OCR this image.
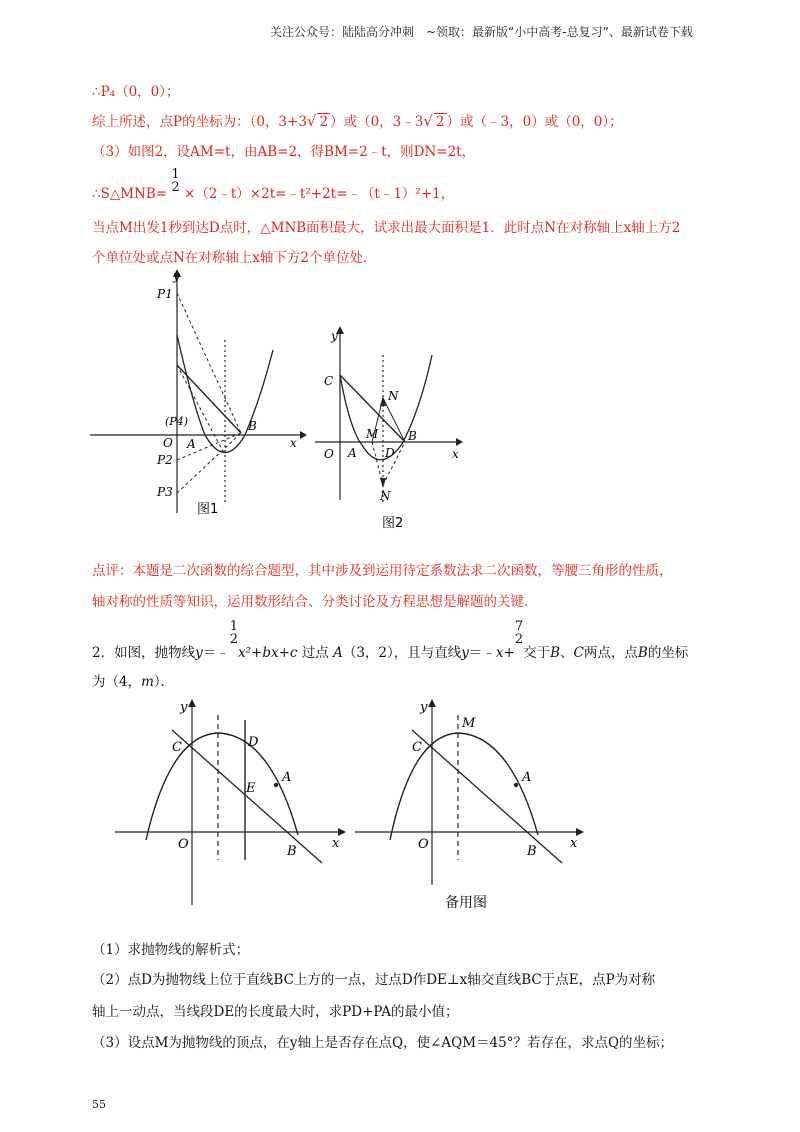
关注公众号：陆陆高分冲刺　~领取：最新版“小中高考-总复习”、最新试卷下载
∴P₄（0，0）；
综上所述，点P的坐标为：（0，3+3√ 2 ）或（0，3﹣3√ 2 ）或（﹣3，0）或（0，0）；
（3）如图2，设AM=t，由AB=2，得BM=2﹣t，则DN=2t，
∴S△MNB=
1
2 ×（2﹣t）×2t=﹣t²+2t=﹣（t﹣1）²+1，
当点M出发1秒到达D点时，△MNB面积最大，试求出最大面积是1．此时点N在对称轴上x轴上方2
个单位处或点N在对称轴上x轴下方2个单位处．
y
x
O A
B
P1
P2
P3
(P4)
图1
y
x
O A
B
C
D
M
N
N
图2
点评：本题是二次函数的综合题型，其中涉及到运用待定系数法求二次函数，等腰三角形的性质，
轴对称的性质等知识，运用数形结合、分类讨论及方程思想是解题的关键．
2．如图，抛物线y＝﹣
1
2
x²+bx+c 过点 A（3，2），且与直线y＝﹣x+
7
2
交于B、C两点，点B的坐标
为（4，m）．
y
x
O
A
B
C	D
E
y
x
O
A
B
C
M
备用图
（1）求抛物线的解析式；
（2）点D为抛物线上位于直线BC上方的一点，过点D作DE⊥x轴交直线BC于点E，点P为对称
轴上一动点，当线段DE的长度最大时，求PD+PA的最小值；
（3）设点M为抛物线的顶点，在y轴上是否存在点Q，使∠AQM＝45°？若存在，求点Q的坐标；
55
